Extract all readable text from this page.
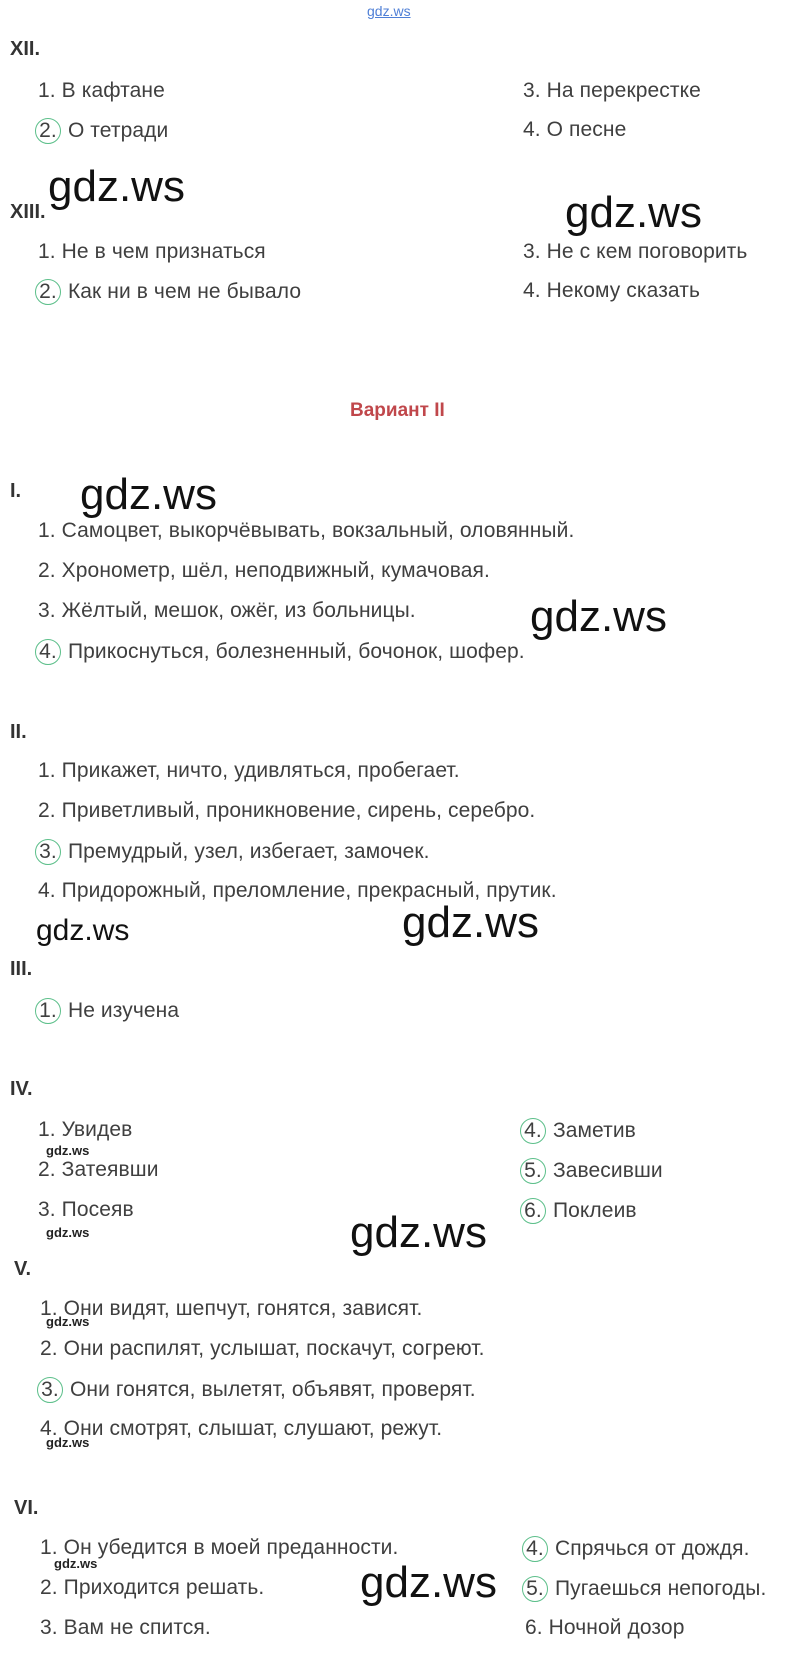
gdz.ws
XII.
1. В кафтане
2. О тетради
3. На перекрестке
4. О песне
XIII.
gdz.ws
gdz.ws
1. Не в чем признаться
2. Как ни в чем не бывало
3. Не с кем поговорить
4. Некому сказать
Вариант II
I. gdz.ws
1. Самоцвет, выкорчёвывать, вокзальный, оловянный.
2. Хронометр, шёл, неподвижный, кумачовая.
3. Жёлтый, мешок, ожёг, из больницы.	gdz.ws
4. Прикоснуться, болезненный, бочонок, шофер.
II.
1. Прикажет, ничто, удивляться, пробегает.
2. Приветливый, проникновение, сирень, серебро.
3. Премудрый, узел, избегает, замочек.
4. Придорожный, преломление, прекрасный, прутик.
gdz.ws	gdz.ws
III.
1. Не изучена
IV.
1. Увидев
gdz.ws
2. Затеявши
3. Посеяв
gdz.ws
4. Заметив
5. Завесивши
6. Поклеив
gdz.ws
V.
1. Они видят, шепчут, гонятся, зависят.
gdz.ws
2. Они распилят, услышат, поскачут, согреют.
3. Они гонятся, вылетят, объявят, проверят.
4. Они смотрят, слышат, слушают, режут.
gdz.ws
VI.
1. Он убедится в моей преданности.
gdz.ws
2. Приходится решать.
3. Вам не спится.
4. Спрячься от дождя.
5. Пугаешься непогоды.
6. Ночной дозор
gdz.ws
